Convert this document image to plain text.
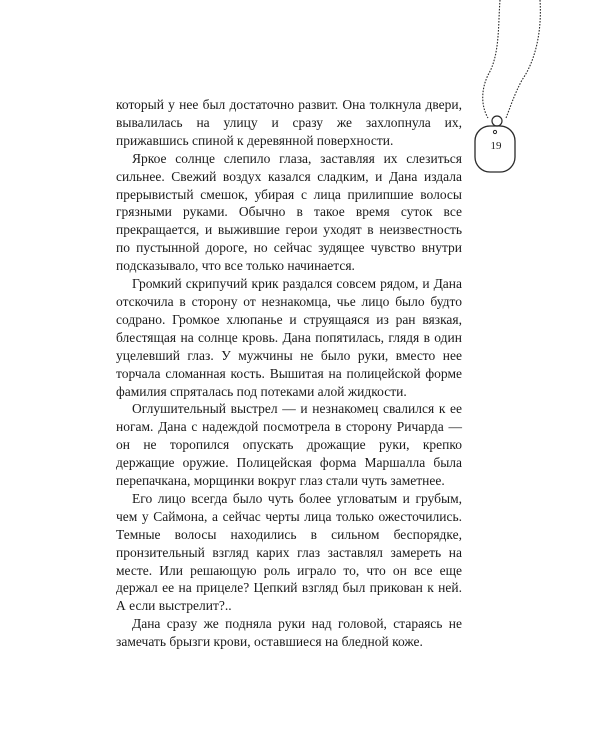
19

который у нее был достаточно развит. Она толкнула двери, вывалилась на улицу и сразу же захлопнула их, прижавшись спиной к деревянной поверхности.

Яркое солнце слепило глаза, заставляя их слезиться сильнее. Свежий воздух казался сладким, и Дана издала прерывистый смешок, убирая с лица прилипшие волосы грязными руками. Обычно в такое время суток все прекращается, и выжившие герои уходят в неизвестность по пустынной дороге, но сейчас зудящее чувство внутри подсказывало, что все только начинается.

Громкий скрипучий крик раздался совсем рядом, и Дана отскочила в сторону от незнакомца, чье лицо было будто содрано. Громкое хлюпанье и струящаяся из ран вязкая, блестящая на солнце кровь. Дана попятилась, глядя в один уцелевший глаз. У мужчины не было руки, вместо нее торчала сломанная кость. Вышитая на полицейской форме фамилия спряталась под потеками алой жидкости.

Оглушительный выстрел — и незнакомец свалился к ее ногам. Дана с надеждой посмотрела в сторону Ричарда — он не торопился опускать дрожащие руки, крепко держащие оружие. Полицейская форма Маршалла была перепачкана, морщинки вокруг глаз стали чуть заметнее.

Его лицо всегда было чуть более угловатым и грубым, чем у Саймона, а сейчас черты лица только ожесточились. Темные волосы находились в сильном беспорядке, пронзительный взгляд карих глаз заставлял замереть на месте. Или решающую роль играло то, что он все еще держал ее на прицеле? Цепкий взгляд был прикован к ней. А если выстрелит?..

Дана сразу же подняла руки над головой, стараясь не замечать брызги крови, оставшиеся на бледной коже.
